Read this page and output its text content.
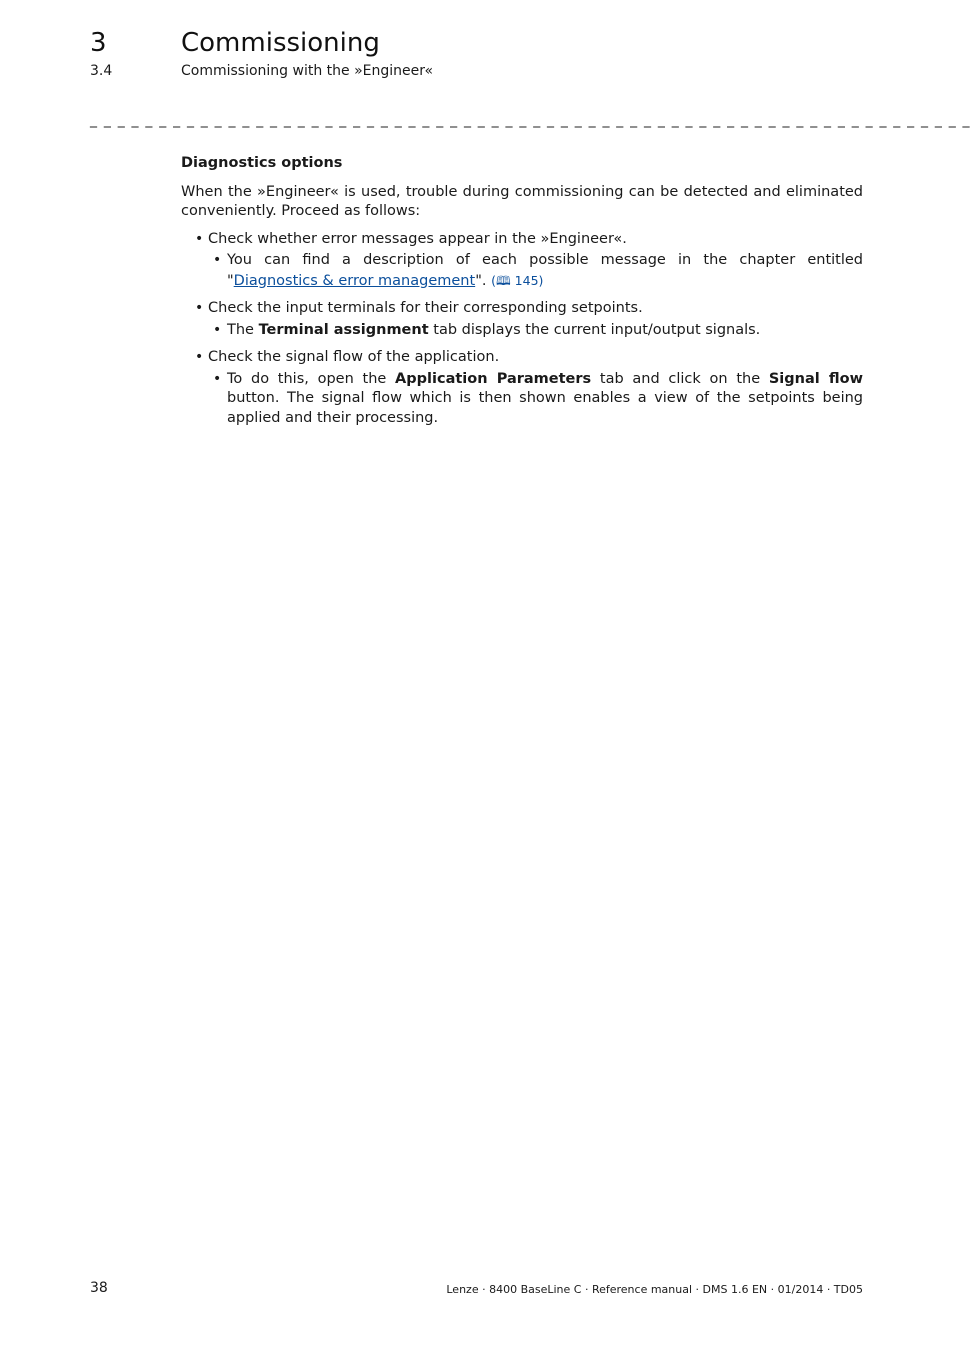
3	Commissioning
3.4	Commissioning with the »Engineer«
_ _ _ _ _ _ _ _ _ _ _ _ _ _ _ _ _ _ _ _ _ _ _ _ _ _ _ _ _ _ _ _ _ _ _ _ _ _ _ _ _ _ _ _ _ _ _ _ _ _ _ _ _ _ _ _ _ _ _ _ _ _ _ _
Diagnostics options
When the »Engineer« is used, trouble during commissioning can be detected and eliminated conveniently. Proceed as follows:
• Check whether error messages appear in the »Engineer«.
• You can find a description of each possible message in the chapter entitled "Diagnostics & error management". (🕮 145)
• Check the input terminals for their corresponding setpoints.
• The Terminal assignment tab displays the current input/output signals.
• Check the signal flow of the application.
• To do this, open the Application Parameters tab and click on the Signal flow button. The signal flow which is then shown enables a view of the setpoints being applied and their processing.
38	Lenze · 8400 BaseLine C · Reference manual · DMS 1.6 EN · 01/2014 · TD05
